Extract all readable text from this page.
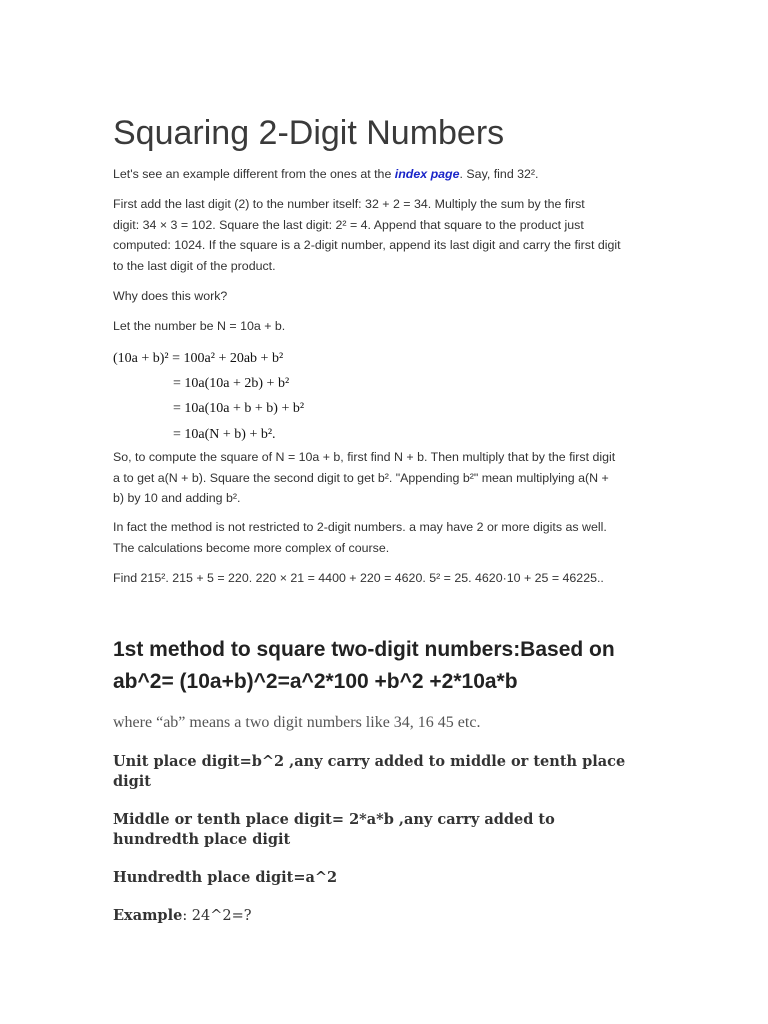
Squaring 2-Digit Numbers

Let's see an example different from the ones at the index page. Say, find 32².

First add the last digit (2) to the number itself: 32 + 2 = 34. Multiply the sum by the first
digit: 34 × 3 = 102. Square the last digit: 2² = 4. Append that square to the product just
computed: 1024. If the square is a 2-digit number, append its last digit and carry the first digit
to the last digit of the product.

Why does this work?

Let the number be N = 10a + b.

(10a + b)² = 100a² + 20ab + b²
= 10a(10a + 2b) + b²
= 10a(10a + b + b) + b²
= 10a(N + b) + b².
So, to compute the square of N = 10a + b, first find N + b. Then multiply that by the first digit
a to get a(N + b). Square the second digit to get b². "Appending b²" mean multiplying a(N +
b) by 10 and adding b².
In fact the method is not restricted to 2-digit numbers. a may have 2 or more digits as well.
The calculations become more complex of course.

Find 215². 215 + 5 = 220. 220 × 21 = 4400 + 220 = 4620. 5² = 25. 4620·10 + 25 = 46225..

1st method to square two-digit numbers:Based on
ab^2= (10a+b)^2=a^2*100 +b^2 +2*10a*b

where “ab” means a two digit numbers like 34, 16 45 etc.

Unit place digit=b^2 ,any carry added to middle or tenth place
digit
Middle or tenth place digit= 2*a*b ,any carry added to
hundredth place digit

Hundredth place digit=a^2

Example: 24^2=?
